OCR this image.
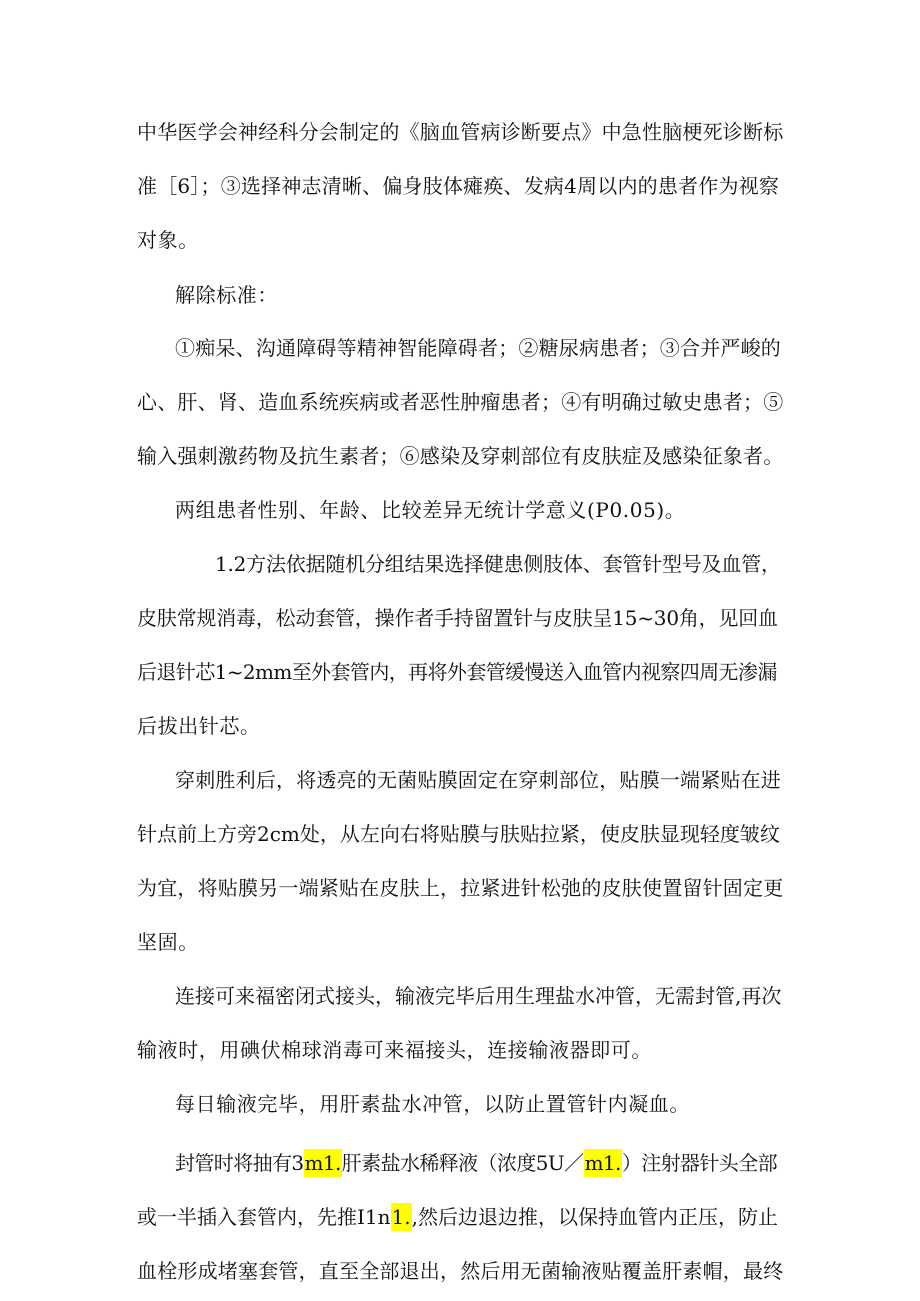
中华医学会神经科分会制定的《脑血管病诊断要点》中急性脑梗死诊断标
准［6］；③选择神志清晰、偏身肢体瘫痪、发病4周以内的患者作为视察
对象。
解除标准：
①痴呆、沟通障碍等精神智能障碍者；②糖尿病患者；③合并严峻的
心、肝、肾、造血系统疾病或者恶性肿瘤患者；④有明确过敏史患者；⑤
输入强刺激药物及抗生素者；⑥感染及穿刺部位有皮肤症及感染征象者。
两组患者性别、年龄、比较差异无统计学意义(P0.05)。
1.2方法依据随机分组结果选择健患侧肢体、套管针型号及血管，
皮肤常规消毒，松动套管，操作者手持留置针与皮肤呈15~30角，见回血
后退针芯1~2mm至外套管内，再将外套管缓慢送入血管内视察四周无渗漏
后拔出针芯。
穿刺胜利后，将透亮的无菌贴膜固定在穿刺部位，贴膜一端紧贴在进
针点前上方旁2cm处，从左向右将贴膜与肤贴拉紧，使皮肤显现轻度皱纹
为宜，将贴膜另一端紧贴在皮肤上，拉紧进针松弛的皮肤使置留针固定更
坚固。
连接可来福密闭式接头，输液完毕后用生理盐水冲管，无需封管,再次
输液时，用碘伏棉球消毒可来福接头，连接输液器即可。
每日输液完毕，用肝素盐水冲管，以防止置管针内凝血。
封管时将抽有3m1.肝素盐水稀释液（浓度5U／m1.）注射器针头全部
或一半插入套管内，先推I1n1.,然后边退边推，以保持血管内正压，防止
血栓形成堵塞套管，直至全部退出，然后用无菌输液贴覆盖肝素帽，最终
